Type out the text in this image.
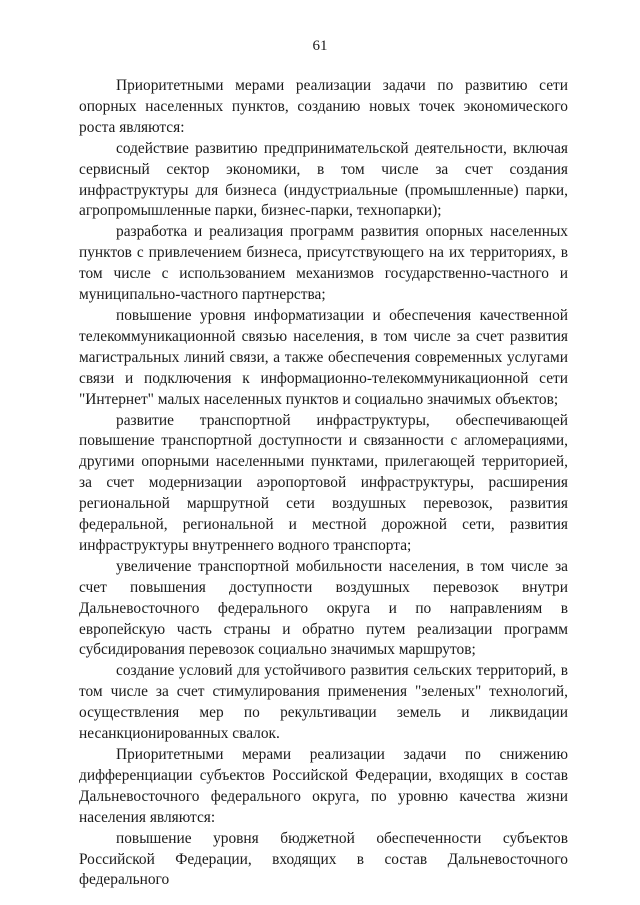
61

Приоритетными мерами реализации задачи по развитию сети опорных населенных пунктов, созданию новых точек экономического роста являются:

содействие развитию предпринимательской деятельности, включая сервисный сектор экономики, в том числе за счет создания инфраструктуры для бизнеса (индустриальные (промышленные) парки, агропромышленные парки, бизнес-парки, технопарки);

разработка и реализация программ развития опорных населенных пунктов с привлечением бизнеса, присутствующего на их территориях, в том числе с использованием механизмов государственно-частного и муниципально-частного партнерства;

повышение уровня информатизации и обеспечения качественной телекоммуникационной связью населения, в том числе за счет развития магистральных линий связи, а также обеспечения современных услугами связи и подключения к информационно-телекоммуникационной сети "Интернет" малых населенных пунктов и социально значимых объектов;

развитие транспортной инфраструктуры, обеспечивающей повышение транспортной доступности и связанности с агломерациями, другими опорными населенными пунктами, прилегающей территорией, за счет модернизации аэропортовой инфраструктуры, расширения региональной маршрутной сети воздушных перевозок, развития федеральной, региональной и местной дорожной сети, развития инфраструктуры внутреннего водного транспорта;

увеличение транспортной мобильности населения, в том числе за счет повышения доступности воздушных перевозок внутри Дальневосточного федерального округа и по направлениям в европейскую часть страны и обратно путем реализации программ субсидирования перевозок социально значимых маршрутов;

создание условий для устойчивого развития сельских территорий, в том числе за счет стимулирования применения "зеленых" технологий, осуществления мер по рекультивации земель и ликвидации несанкционированных свалок.

Приоритетными мерами реализации задачи по снижению дифференциации субъектов Российской Федерации, входящих в состав Дальневосточного федерального округа, по уровню качества жизни населения являются:

повышение уровня бюджетной обеспеченности субъектов Российской Федерации, входящих в состав Дальневосточного федерального
